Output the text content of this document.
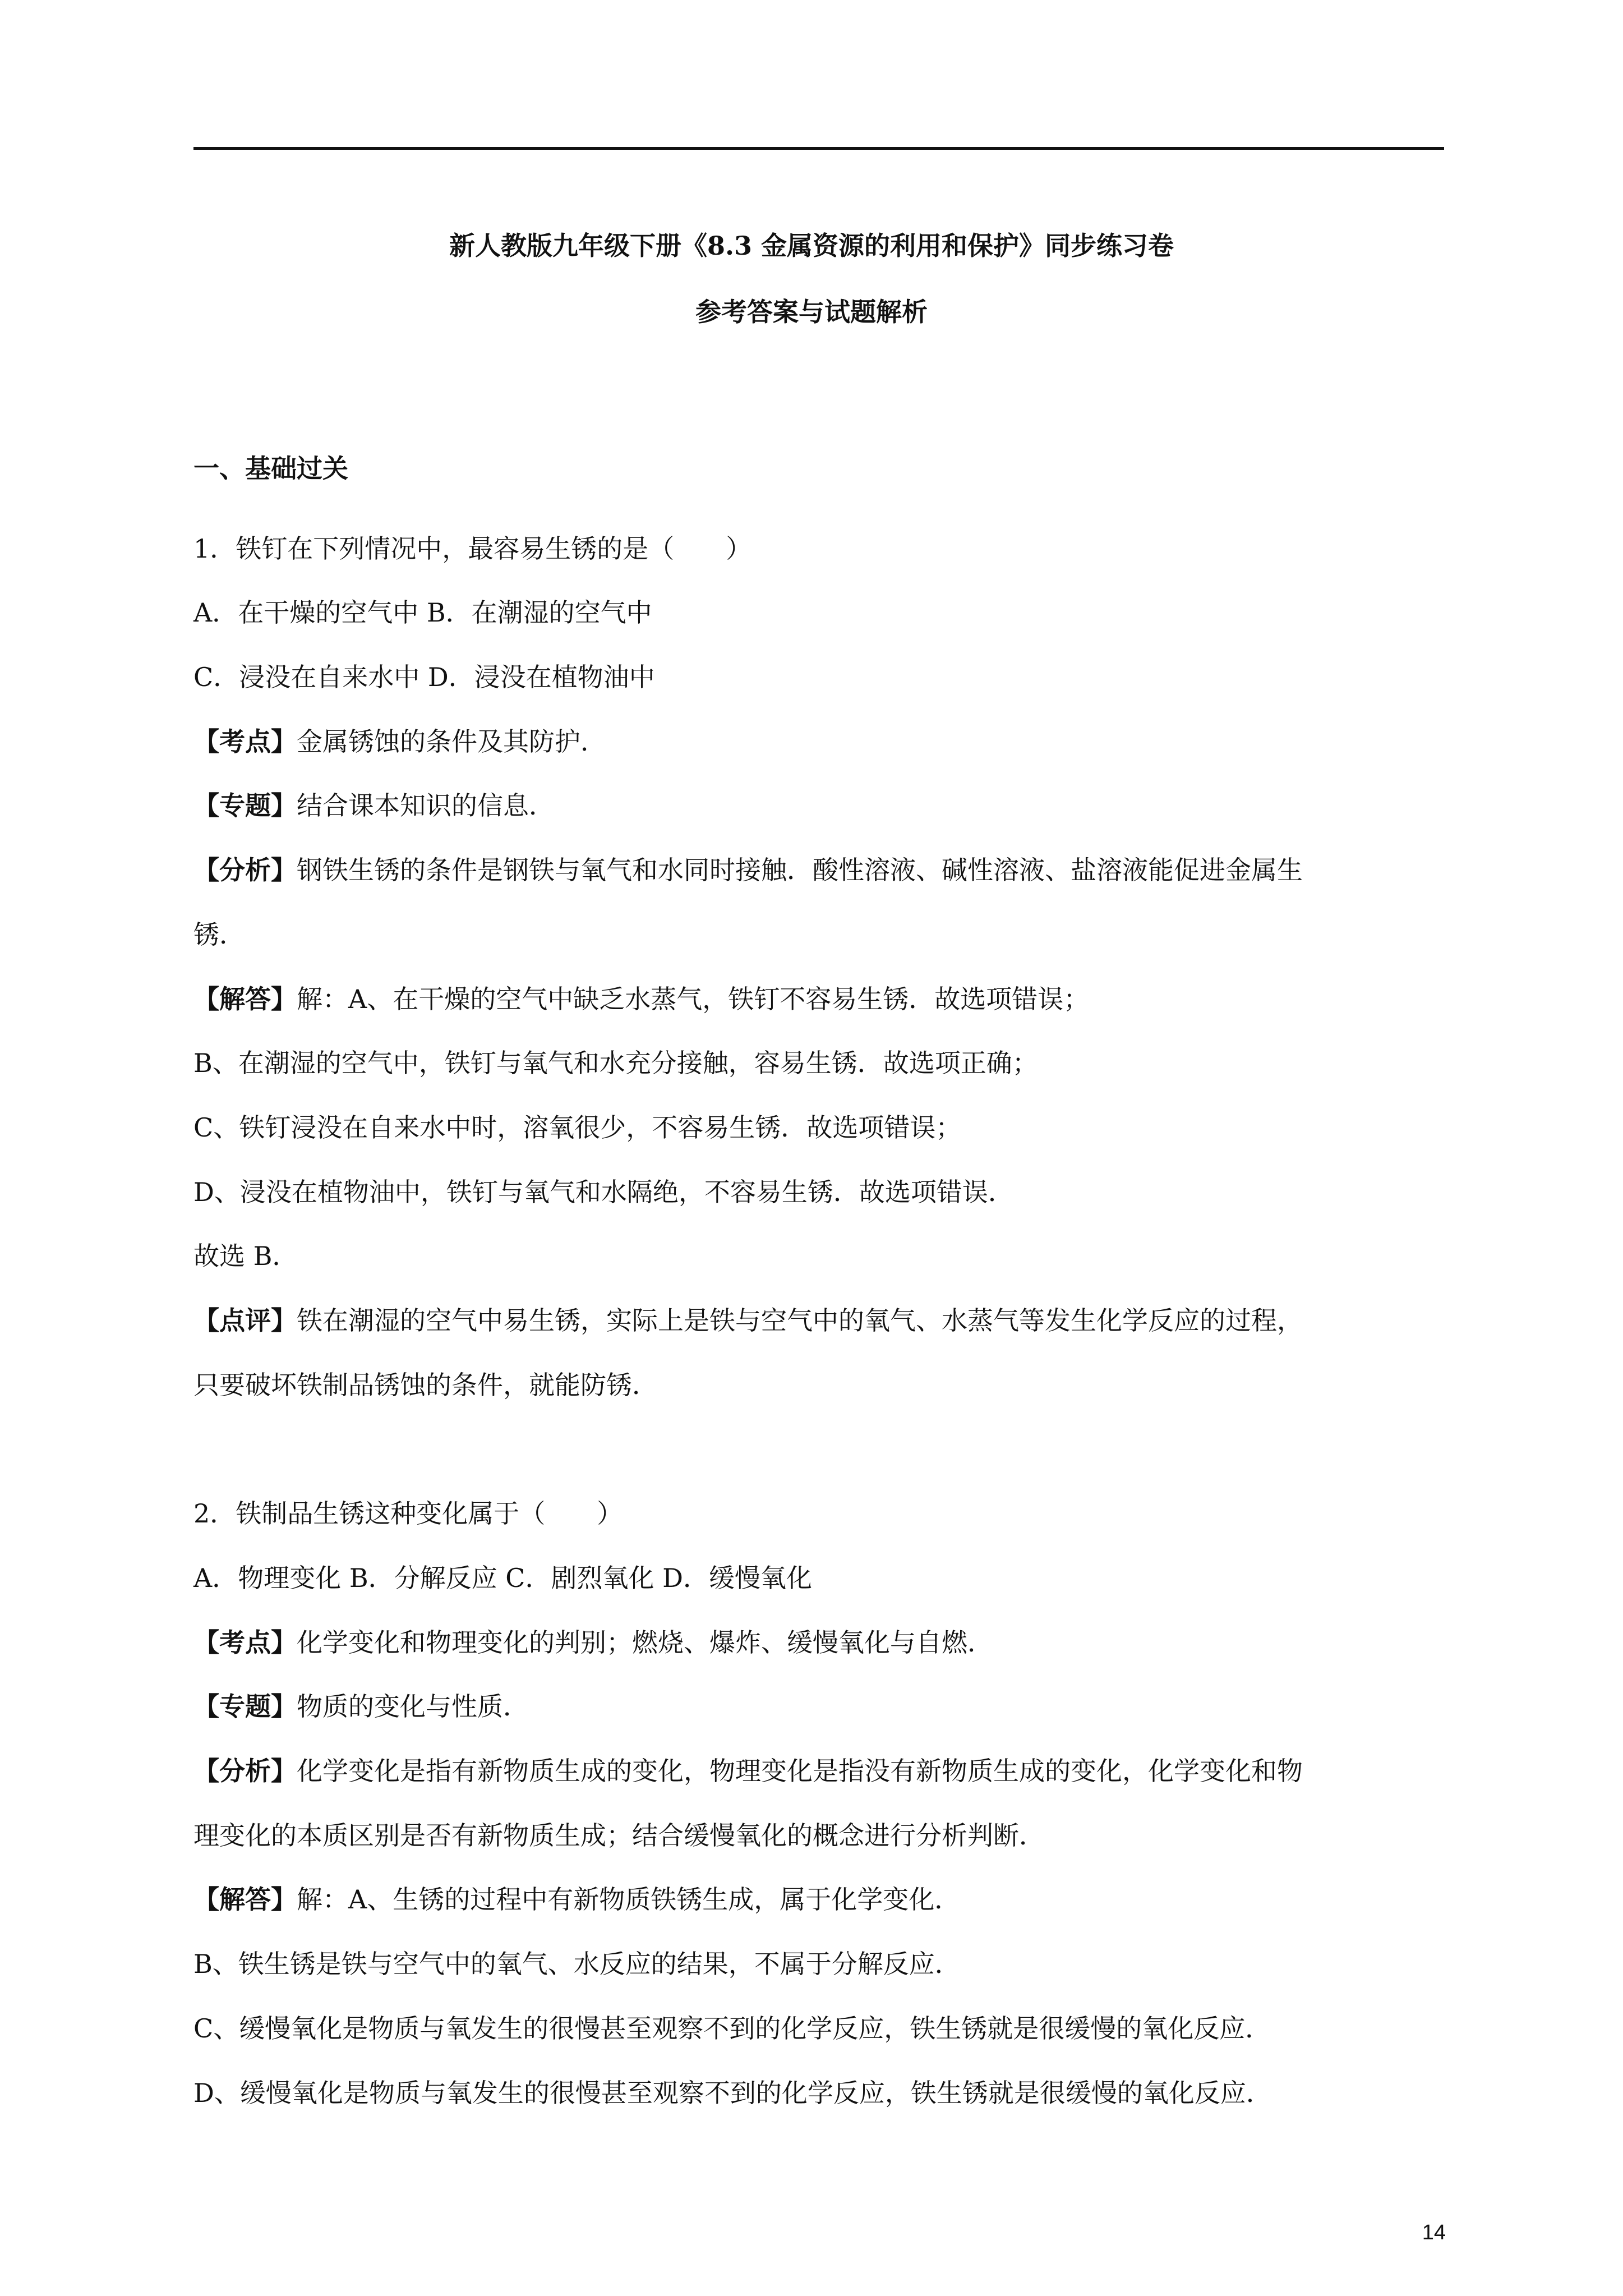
新人教版九年级下册《8.3 金属资源的利用和保护》同步练习卷
参考答案与试题解析
一、基础过关
1．铁钉在下列情况中，最容易生锈的是（　　）
A．在干燥的空气中 B．在潮湿的空气中
C．浸没在自来水中 D．浸没在植物油中
【考点】金属锈蚀的条件及其防护．
【专题】结合课本知识的信息．
【分析】钢铁生锈的条件是钢铁与氧气和水同时接触．酸性溶液、碱性溶液、盐溶液能促进金属生
锈．
【解答】解：A、在干燥的空气中缺乏水蒸气，铁钉不容易生锈．故选项错误；
B、在潮湿的空气中，铁钉与氧气和水充分接触，容易生锈．故选项正确；
C、铁钉浸没在自来水中时，溶氧很少，不容易生锈．故选项错误；
D、浸没在植物油中，铁钉与氧气和水隔绝，不容易生锈．故选项错误．
故选 B．
【点评】铁在潮湿的空气中易生锈，实际上是铁与空气中的氧气、水蒸气等发生化学反应的过程，
只要破坏铁制品锈蚀的条件，就能防锈．
2．铁制品生锈这种变化属于（　　）
A．物理变化 B．分解反应 C．剧烈氧化 D．缓慢氧化
【考点】化学变化和物理变化的判别；燃烧、爆炸、缓慢氧化与自燃．
【专题】物质的变化与性质．
【分析】化学变化是指有新物质生成的变化，物理变化是指没有新物质生成的变化，化学变化和物
理变化的本质区别是否有新物质生成；结合缓慢氧化的概念进行分析判断．
【解答】解：A、生锈的过程中有新物质铁锈生成，属于化学变化．
B、铁生锈是铁与空气中的氧气、水反应的结果，不属于分解反应．
C、缓慢氧化是物质与氧发生的很慢甚至观察不到的化学反应，铁生锈就是很缓慢的氧化反应．
D、缓慢氧化是物质与氧发生的很慢甚至观察不到的化学反应，铁生锈就是很缓慢的氧化反应．
14
